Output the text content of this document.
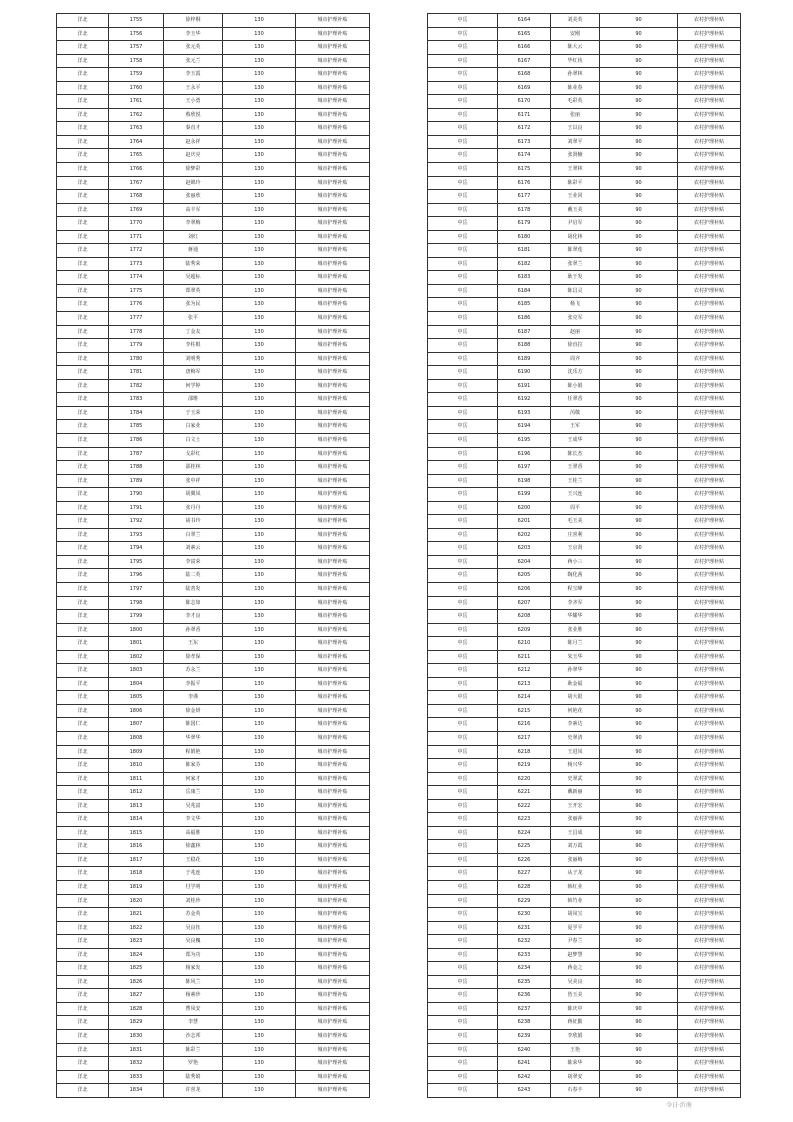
洋北	1755	徐梓桐	130	城市护理补贴
洋北	1756	李玉华	130	城市护理补贴
洋北	1757	张元英	130	城市护理补贴
洋北	1758	张元兰	130	城市护理补贴
洋北	1759	李玉霞	130	城市护理补贴
洋北	1760	王永平	130	城市护理补贴
洋北	1761	王小勇	130	城市护理补贴
洋北	1762	蔡欣悦	130	城市护理补贴
洋北	1763	秦直才	130	城市护理补贴
洋北	1764	赵永祥	130	城市护理补贴
洋北	1765	赵庆亮	130	城市护理补贴
洋北	1766	徐梦彩	130	城市护理补贴
洋北	1767	赵锦玲	130	城市护理补贴
洋北	1768	张丽欣	130	城市护理补贴
洋北	1769	高丰军	130	城市护理补贴
洋北	1770	李翠梅	130	城市护理补贴
洋北	1771	刘红	130	城市护理补贴
洋北	1772	蒋通	130	城市护理补贴
洋北	1773	陆秀荣	130	城市护理补贴
洋北	1774	吴超标	130	城市护理补贴
洋北	1775	郑翠英	130	城市护理补贴
洋北	1776	张为民	130	城市护理补贴
洋北	1777	张平	130	城市护理补贴
洋北	1778	丁金友	130	城市护理补贴
洋北	1779	李柱根	130	城市护理补贴
洋北	1780	刘明秀	130	城市护理补贴
洋北	1781	唐梅军	130	城市护理补贴
洋北	1782	何学婷	130	城市护理补贴
洋北	1783	邵维	130	城市护理补贴
洋北	1784	于玉荣	130	城市护理补贴
洋北	1785	白家业	130	城市护理补贴
洋北	1786	白文士	130	城市护理补贴
洋北	1787	戈彩红	130	城市护理补贴
洋北	1788	邵桂林	130	城市护理补贴
洋北	1789	张中祥	130	城市护理补贴
洋北	1790	胡翼凤	130	城市护理补贴
洋北	1791	张丹丹	130	城市护理补贴
洋北	1792	胡书玲	130	城市护理补贴
洋北	1793	白翠兰	130	城市护理补贴
洋北	1794	刘素云	130	城市护理补贴
洋北	1795	李富荣	130	城市护理补贴
洋北	1796	陆二英	130	城市护理补贴
洋北	1797	陆善发	130	城市护理补贴
洋北	1798	陈志如	130	城市护理补贴
洋北	1799	李才良	130	城市护理补贴
洋北	1800	孙翠香	130	城市护理补贴
洋北	1801	王东	130	城市护理补贴
洋北	1802	徐孝保	130	城市护理补贴
洋北	1803	苏永兰	130	城市护理补贴
洋北	1804	李振平	130	城市护理补贴
洋北	1805	李谨	130	城市护理补贴
洋北	1806	徐金妍	130	城市护理补贴
洋北	1807	陈国仁	130	城市护理补贴
洋北	1808	华翠华	130	城市护理补贴
洋北	1809	程娟艳	130	城市护理补贴
洋北	1810	陈家芬	130	城市护理补贴
洋北	1811	何家才	130	城市护理补贴
洋北	1812	岳康兰	130	城市护理补贴
洋北	1813	吴兆富	130	城市护理补贴
洋北	1814	李文华	130	城市护理补贴
洋北	1815	高福胜	130	城市护理补贴
洋北	1816	徐鑫林	130	城市护理补贴
洋北	1817	王稳花	130	城市护理补贴
洋北	1818	于兆连	130	城市护理补贴
洋北	1819	付学明	130	城市护理补贴
洋北	1820	刘桂珍	130	城市护理补贴
洋北	1821	苏金英	130	城市护理补贴
洋北	1822	吴良钰	130	城市护理补贴
洋北	1823	吴良槐	130	城市护理补贴
洋北	1824	郑为功	130	城市护理补贴
洋北	1825	杨家发	130	城市护理补贴
洋北	1826	陈风兰	130	城市护理补贴
洋北	1827	杨素珍	130	城市护理补贴
洋北	1828	曹凤安	130	城市护理补贴
洋北	1829	李慧	130	城市护理补贴
洋北	1830	沙志邦	130	城市护理补贴
洋北	1831	陈彩兰	130	城市护理补贴
洋北	1832	罗艳	130	城市护理补贴
洋北	1833	陆秀娟	130	城市护理补贴
洋北	1834	许喜龙	130	城市护理补贴
中岳	6164	刘美英	90	农村护理补贴
中岳	6165	安刚	90	农村护理补贴
中岳	6166	陈大云	90	农村护理补贴
中岳	6167	毕红侠	90	农村护理补贴
中岳	6168	孙翠林	90	农村护理补贴
中岳	6169	陈业春	90	农村护理补贴
中岳	6170	毛彩英	90	农村护理补贴
中岳	6171	张丽	90	农村护理补贴
中岳	6172	王以良	90	农村护理补贴
中岳	6173	刘翠平	90	农村护理补贴
中岳	6174	张贤楠	90	农村护理补贴
中岳	6175	王翠林	90	农村护理补贴
中岳	6176	陈彩平	90	农村护理补贴
中岳	6177	王业同	90	农村护理补贴
中岳	6178	戴玉美	90	农村护理补贴
中岳	6179	尹启军	90	农村护理补贴
中岳	6180	胡化林	90	农村护理补贴
中岳	6181	陈翠莲	90	农村护理补贴
中岳	6182	张翠兰	90	农村护理补贴
中岳	6183	耿于发	90	农村护理补贴
中岳	6184	陈昌灵	90	农村护理补贴
中岳	6185	杨飞	90	农村护理补贴
中岳	6186	张克军	90	农村护理补贴
中岳	6187	赵丽	90	农村护理补贴
中岳	6188	徐直拉	90	农村护理补贴
中岳	6189	周齐	90	农村护理补贴
中岳	6190	沈乐方	90	农村护理补贴
中岳	6191	陈小娟	90	农村护理补贴
中岳	6192	任翠香	90	农村护理补贴
中岳	6193	芮敬	90	农村护理补贴
中岳	6194	王军	90	农村护理补贴
中岳	6195	王成华	90	农村护理补贴
中岳	6196	陈长杰	90	农村护理补贴
中岳	6197	王翠香	90	农村护理补贴
中岳	6198	王桂兰	90	农村护理补贴
中岳	6199	王兴连	90	农村护理补贴
中岳	6200	周平	90	农村护理补贴
中岳	6201	毛玉美	90	农村护理补贴
中岳	6202	庄喜利	90	农村护理补贴
中岳	6203	王京贤	90	农村护理补贴
中岳	6204	蒋小三	90	农村护理补贴
中岳	6205	陶化茜	90	农村护理补贴
中岳	6206	程宝峰	90	农村护理补贴
中岳	6207	李齐军	90	农村护理补贴
中岳	6208	华耀华	90	农村护理补贴
中岳	6209	张业胜	90	农村护理补贴
中岳	6210	陈月兰	90	农村护理补贴
中岳	6211	朱玉华	90	农村护理补贴
中岳	6212	孙翠华	90	农村护理补贴
中岳	6213	耿金福	90	农村护理补贴
中岳	6214	胡大银	90	农村护理补贴
中岳	6215	何艳花	90	农村护理补贴
中岳	6216	李素达	90	农村护理补贴
中岳	6217	史翠清	90	农村护理补贴
中岳	6218	王进凤	90	农村护理补贴
中岳	6219	杨兴华	90	农村护理补贴
中岳	6220	史翠武	90	农村护理补贴
中岳	6221	戴新丽	90	农村护理补贴
中岳	6222	王开宏	90	农村护理补贴
中岳	6223	张丽萍	90	农村护理补贴
中岳	6224	王昌成	90	农村护理补贴
中岳	6225	刘万霞	90	农村护理补贴
中岳	6226	张丽梅	90	农村护理补贴
中岳	6227	从子龙	90	农村护理补贴
中岳	6228	韩红业	90	农村护理补贴
中岳	6229	韩竹业	90	农村护理补贴
中岳	6230	胡凤宝	90	农村护理补贴
中岳	6231	夏学平	90	农村护理补贴
中岳	6232	尹春兰	90	农村护理补贴
中岳	6233	赵梦慧	90	农村护理补贴
中岳	6234	蒋金之	90	农村护理补贴
中岳	6235	吴美良	90	农村护理补贴
中岳	6236	皆玉美	90	农村护理补贴
中岳	6237	陈庆中	90	农村护理补贴
中岳	6238	蒋征勤	90	农村护理补贴
中岳	6239	李欣娟	90	农村护理补贴
中岳	6240	王艳	90	农村护理补贴
中岳	6241	陈荣华	90	农村护理补贴
中岳	6242	胡翠安	90	农村护理补贴
中岳	6243	石春丰	90	农村护理补贴
今日·沂南
